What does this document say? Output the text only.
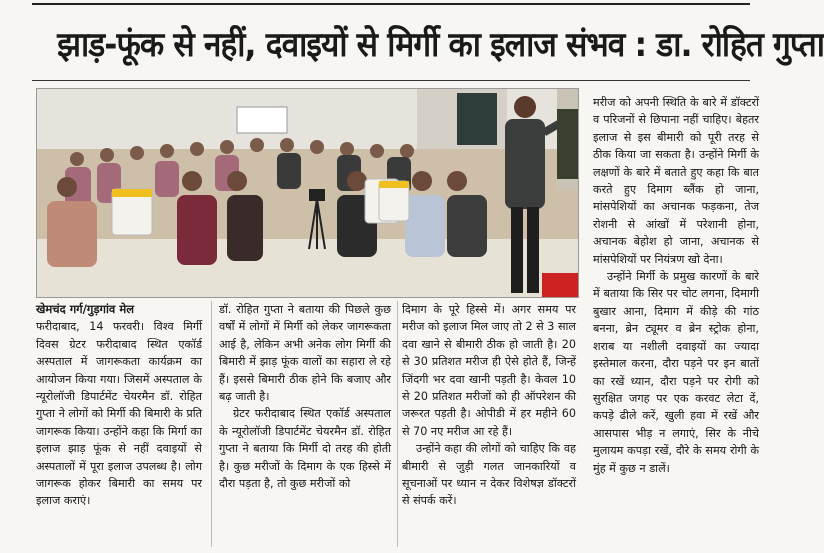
झाड़-फूंक से नहीं, दवाइयों से मिर्गी का इलाज संभव : डा. रोहित गुप्ता

खेमचंद गर्ग/गुड़गांव मेल

फरीदाबाद, 14 फरवरी। विश्व मिर्गी दिवस ग्रेटर फरीदाबाद स्थित एकॉर्ड अस्पताल में जागरूकता कार्यक्रम का आयोजन किया गया। जिसमें अस्पताल के न्यूरोलॉजी डिपार्टमेंट चेयरमैन डॉ. रोहित गुप्ता ने लोगों को मिर्गी की बिमारी के प्रति जागरूक किया। उन्होंने कहा कि मिर्गा का इलाज झाड़ फूंक से नहीं दवाइयों से अस्पतालों में पूरा इलाज उपलब्ध है। लोग जागरूक होकर बिमारी का समय पर इलाज कराएं।

डॉ. रोहित गुप्ता ने बताया की पिछले कुछ वर्षों में लोगों में मिर्गी को लेकर जागरूकता आई है, लेकिन अभी अनेक लोग मिर्गी की बिमारी में झाड़ फूंक वालों का सहारा ले रहे हैं। इससे बिमारी ठीक होने कि बजाए और बढ़ जाती है।

ग्रेटर फरीदाबाद स्थित एकॉर्ड अस्पताल के न्यूरोलॉजी डिपार्टमेंट चेयरमैन डॉ. रोहित गुप्ता ने बताया कि मिर्गी दो तरह की होती है। कुछ मरीजों के दिमाग के एक हिस्से में दौरा पड़ता है, तो कुछ मरीजों को

दिमाग के पूरे हिस्से में। अगर समय पर मरीज को इलाज मिल जाए तो 2 से 3 साल दवा खाने से बीमारी ठीक हो जाती है। 20 से 30 प्रतिशत मरीज ही ऐसे होते हैं, जिन्हें जिंदगी भर दवा खानी पड़ती है। केवल 10 से 20 प्रतिशत मरीजों को ही ऑपरेशन की जरूरत पड़ती है। ओपीडी में हर महीने 60 से 70 नए मरीज आ रहे हैं।

उन्होंने कहा की लोगों को चाहिए कि वह बीमारी से जुड़ी गलत जानकारियों व सूचनाओं पर ध्यान न देकर विशेषज्ञ डॉक्टरों से संपर्क करें।

मरीज को अपनी स्थिति के बारे में डॉक्टरों व परिजनों से छिपाना नहीं चाहिए। बेहतर इलाज से इस बीमारी को पूरी तरह से ठीक किया जा सकता है। उन्होंने मिर्गी के लक्षणों के बारे में बताते हुए कहा कि बात करते हुए दिमाग ब्लैंक हो जाना, मांसपेशियों का अचानक फड़कना, तेज रोशनी से आंखों में परेशानी होना, अचानक बेहोश हो जाना, अचानक से मांसपेशियों पर नियंत्रण खो देना।

उन्होंने मिर्गी के प्रमुख कारणों के बारे में बताया कि सिर पर चोट लगना, दिमागी बुखार आना, दिमाग में कीड़े की गांठ बनना, ब्रेन ट्यूमर व ब्रेन स्ट्रोक होना, शराब या नशीली दवाइयों का ज्यादा इस्तेमाल करना, दौरा पड़ने पर इन बातों का रखें ध्यान, दौरा पड़ने पर रोगी को सुरक्षित जगह पर एक करवट लेटा दें, कपड़े ढीले करें, खुली हवा में रखें और आसपास भीड़ न लगाएं, सिर के नीचे मुलायम कपड़ा रखें, दौरे के समय रोगी के मुंह में कुछ न डालें।
